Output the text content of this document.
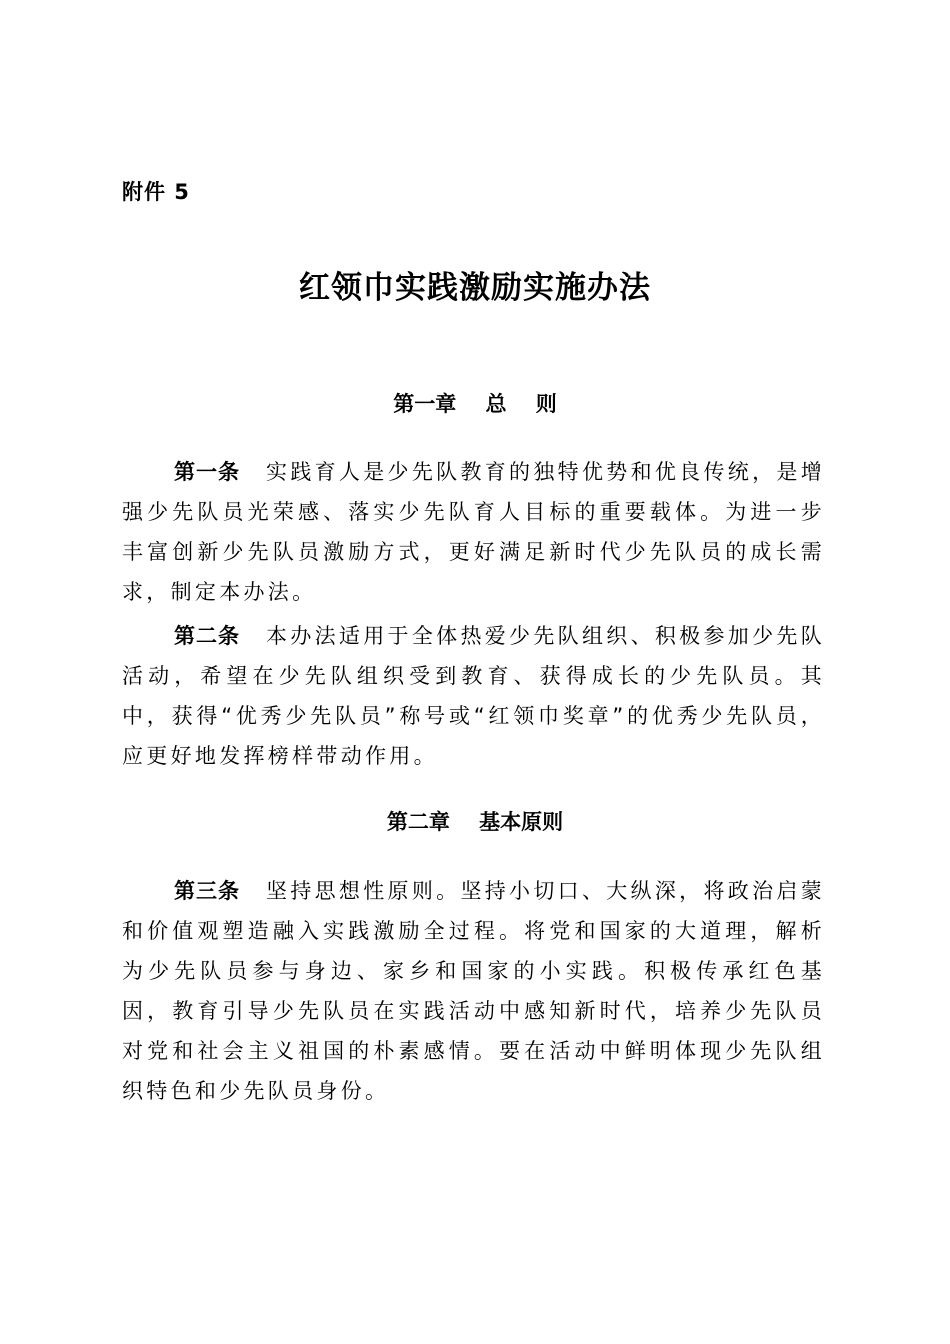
附件 5
红领巾实践激励实施办法
第一章    总    则

第一条 实践育人是少先队教育的独特优势和优良传统，是增强少先队员光荣感、落实少先队育人目标的重要载体。为进一步丰富创新少先队员激励方式，更好满足新时代少先队员的成长需求，制定本办法。

第二条 本办法适用于全体热爱少先队组织、积极参加少先队活动，希望在少先队组织受到教育、获得成长的少先队员。其中，获得“优秀少先队员”称号或“红领巾奖章”的优秀少先队员，应更好地发挥榜样带动作用。

第二章    基本原则

第三条 坚持思想性原则。坚持小切口、大纵深，将政治启蒙和价值观塑造融入实践激励全过程。将党和国家的大道理，解析为少先队员参与身边、家乡和国家的小实践。积极传承红色基因，教育引导少先队员在实践活动中感知新时代，培养少先队员对党和社会主义祖国的朴素感情。要在活动中鲜明体现少先队组织特色和少先队员身份。
